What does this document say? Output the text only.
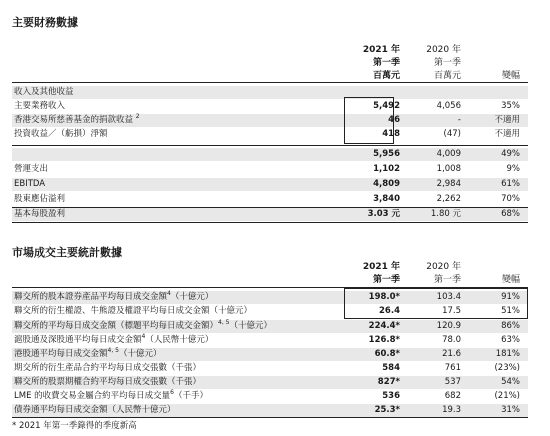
主要財務數據
2021 年
第一季
百萬元
2020 年
第一季
百萬元	變幅
收入及其他收益
主要業務收入	5,492	4,056	35%
香港交易所慈善基金的捐款收益 $^2$	46	-	不適用
投資收益／（虧損）淨額	418	(47)	不適用
5,956	4,009	49%
營運支出	1,102	1,008	9%
EBITDA	4,809	2,984	61%
股東應佔溢利	3,840	2,262	70%
基本每股盈利	3.03 元	1.80 元	68%
市場成交主要統計數據
2021 年
第一季
2020 年
第一季	變幅
聯交所的股本證券產品平均每日成交金額$^4$（十億元）	198.0*	103.4	91%
聯交所的衍生權證、牛熊證及權證平均每日成交金額（十億元）	26.4	17.5	51%
聯交所的平均每日成交金額（標題平均每日成交金額）$^{4, 5}$（十億元）	224.4*	120.9	86%
滬股通及深股通平均每日成交金額$^4$（人民幣十億元）	126.8*	78.0	63%
港股通平均每日成交金額$^{4, 5}$（十億元）	60.8*	21.6	181%
期交所的衍生產品合約平均每日成交張數（千張）	584	761	(23%)
聯交所的股票期權合約平均每日成交張數（千張）	827*	537	54%
LME 的收費交易金屬合約平均每日成交量$^6$（千手）	536	682	(21%)
債券通平均每日成交金額（人民幣十億元）	25.3*	19.3	31%
* 2021 年第一季錄得的季度新高
